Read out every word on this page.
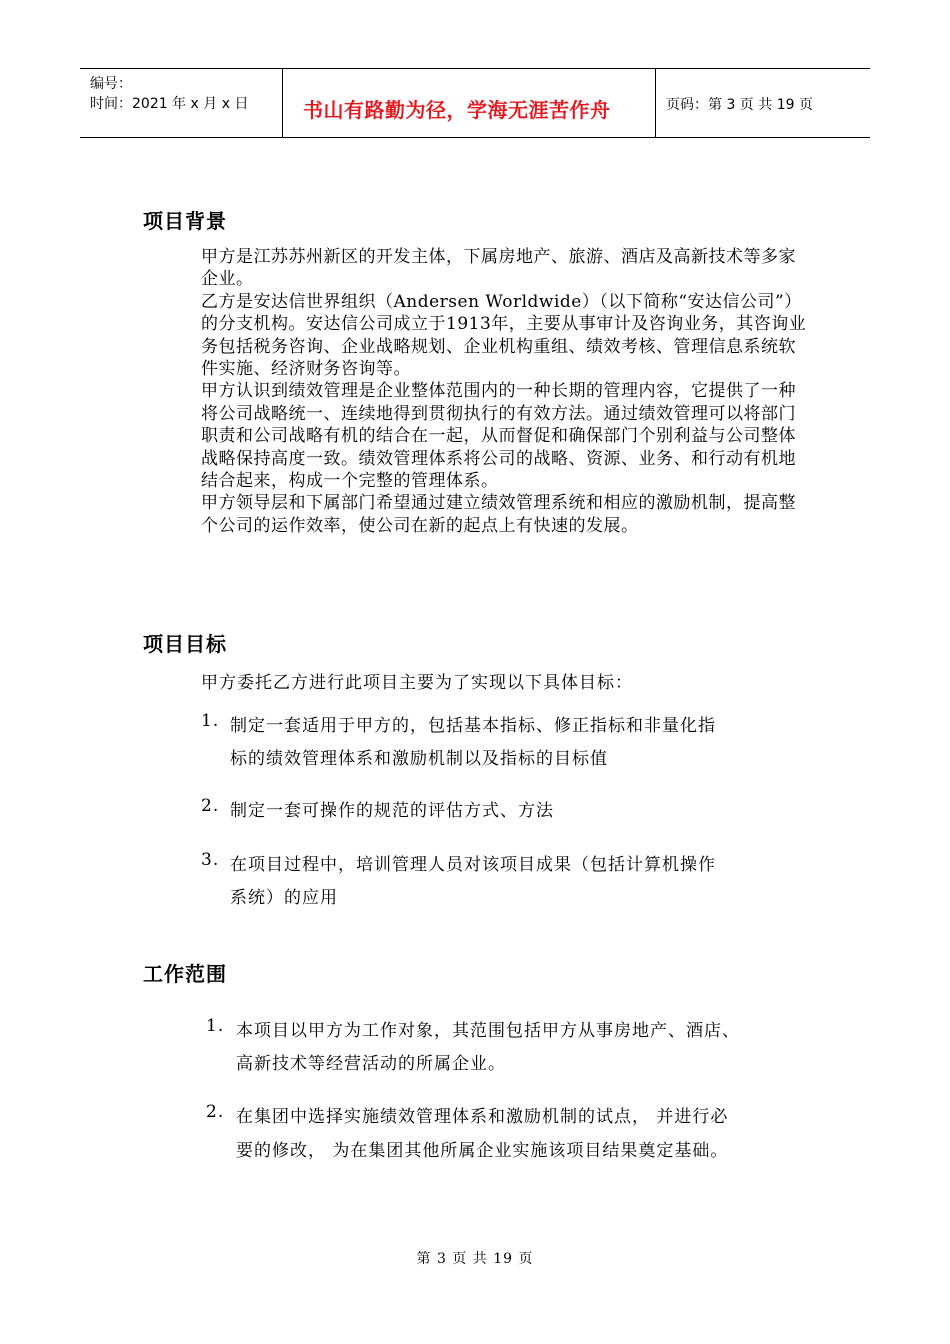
编号：
时间：2021 年 x 月 x 日	书山有路勤为径，学海无涯苦作舟	页码：第 3 页 共 19 页
项目背景

甲方是江苏苏州新区的开发主体，下属房地产、旅游、酒店及高新技术等多家企业。

乙方是安达信世界组织（Andersen Worldwide）（以下简称“安达信公司”） 的分支机构。安达信公司成立于1913年，主要从事审计及咨询业务，其咨询业务包括税务咨询、企业战略规划、企业机构重组、绩效考核、管理信息系统软件实施、经济财务咨询等。

甲方认识到绩效管理是企业整体范围内的一种长期的管理内容，它提供了一种将公司战略统一、连续地得到贯彻执行的有效方法。通过绩效管理可以将部门职责和公司战略有机的结合在一起，从而督促和确保部门个别利益与公司整体战略保持高度一致。绩效管理体系将公司的战略、资源、业务、和行动有机地结合起来，构成一个完整的管理体系。

甲方领导层和下属部门希望通过建立绩效管理系统和相应的激励机制，提高整个公司的运作效率，使公司在新的起点上有快速的发展。

项目目标
甲方委托乙方进行此项目主要为了实现以下具体目标：
1. 制定一套适用于甲方的，包括基本指标、修正指标和非量化指
标的绩效管理体系和激励机制以及指标的目标值
2. 制定一套可操作的规范的评估方式、方法
3. 在项目过程中，培训管理人员对该项目成果（包括计算机操作
系统）的应用
工作范围
1. 本项目以甲方为工作对象，其范围包括甲方从事房地产、酒店、
高新技术等经营活动的所属企业。
2. 在集团中选择实施绩效管理体系和激励机制的试点， 并进行必
要的修改， 为在集团其他所属企业实施该项目结果奠定基础。
第 3 页 共 19 页
